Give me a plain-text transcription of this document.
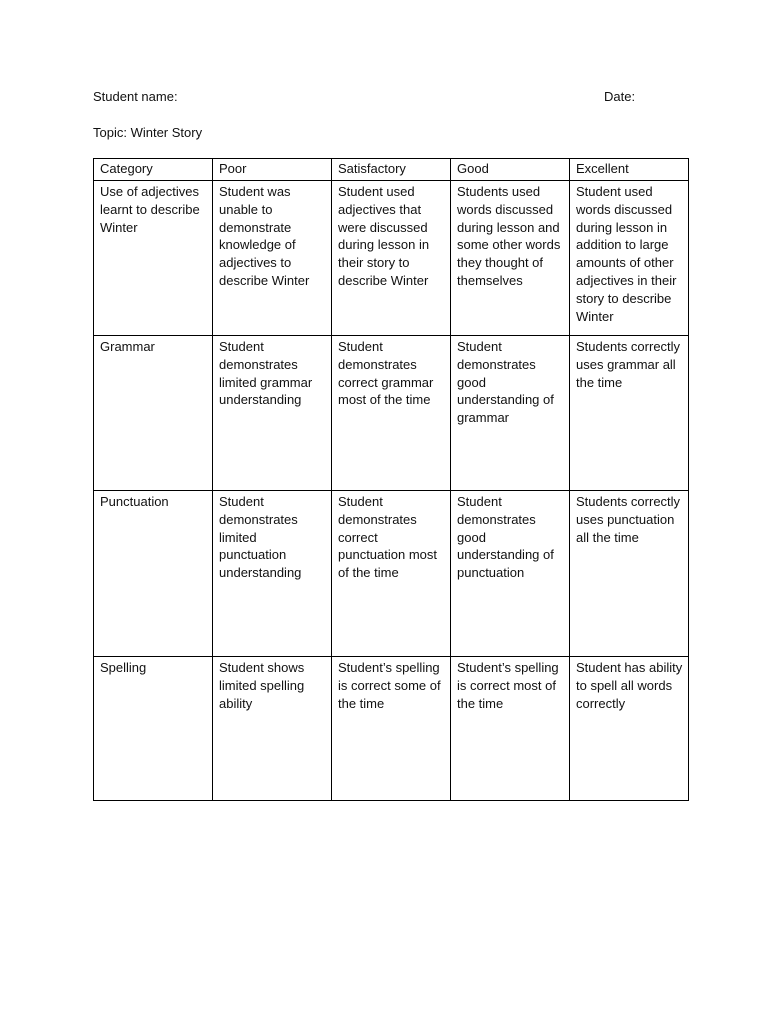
Student name:	Date:
Topic: Winter Story
Category	Poor	Satisfactory	Good	Excellent
Use of adjectives learnt to describe Winter	Student was unable to demonstrate knowledge of adjectives to describe Winter	Student used adjectives that were discussed during lesson in their story to describe Winter	Students used words discussed during lesson and some other words they thought of themselves	Student used words discussed during lesson in addition to large amounts of other adjectives in their story to describe Winter
Grammar	Student demonstrates limited grammar understanding	Student demonstrates correct grammar most of the time	Student demonstrates good understanding of grammar	Students correctly uses grammar all the time
Punctuation	Student demonstrates limited punctuation understanding	Student demonstrates correct punctuation most of the time	Student demonstrates good understanding of punctuation	Students correctly uses punctuation all the time
Spelling	Student shows limited spelling ability	Student’s spelling is correct some of the time	Student’s spelling is correct most of the time	Student has ability to spell all words correctly
